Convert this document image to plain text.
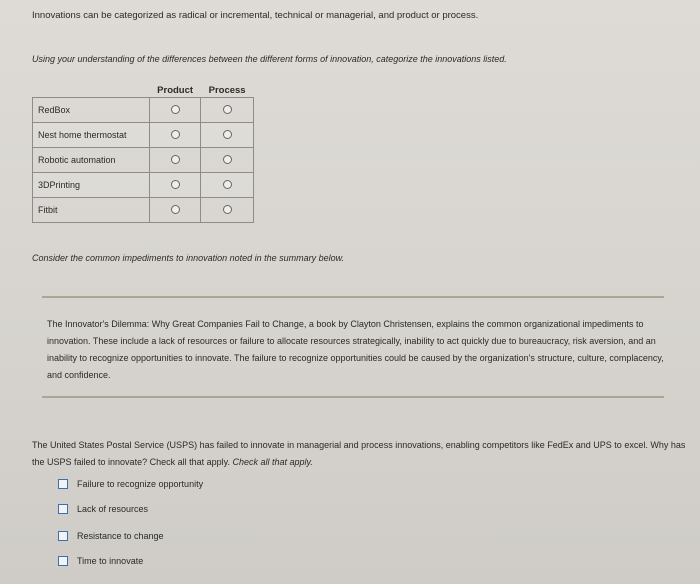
Innovations can be categorized as radical or incremental, technical or managerial, and product or process.
Using your understanding of the differences between the different forms of innovation, categorize the innovations listed.
	Product	Process
RedBox		
Nest home thermostat		
Robotic automation		
3DPrinting		
Fitbit		
Consider the common impediments to innovation noted in the summary below.
The Innovator's Dilemma: Why Great Companies Fail to Change, a book by Clayton Christensen, explains the common organizational impediments to innovation. These include a lack of resources or failure to allocate resources strategically, inability to act quickly due to bureaucracy, risk aversion, and an inability to recognize opportunities to innovate. The failure to recognize opportunities could be caused by the organization's structure, culture, complacency, and confidence.
The United States Postal Service (USPS) has failed to innovate in managerial and process innovations, enabling competitors like FedEx and UPS to excel. Why has the USPS failed to innovate? Check all that apply. Check all that apply.
Failure to recognize opportunity
Lack of resources
Resistance to change
Time to innovate
